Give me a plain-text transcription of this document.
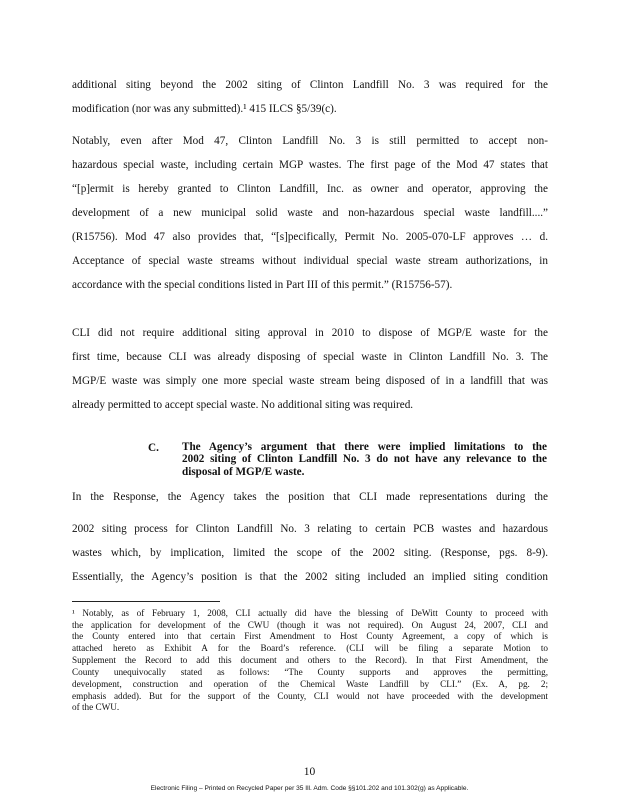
additional siting beyond the 2002 siting of Clinton Landfill No. 3 was required for the
modification (nor was any submitted).¹ 415 ILCS §5/39(c).
Notably, even after Mod 47, Clinton Landfill No. 3 is still permitted to accept non-
hazardous special waste, including certain MGP wastes. The first page of the Mod 47 states that
“[p]ermit is hereby granted to Clinton Landfill, Inc. as owner and operator, approving the
development of a new municipal solid waste and non-hazardous special waste landfill....”
(R15756). Mod 47 also provides that, “[s]pecifically, Permit No. 2005-070-LF approves … d.
Acceptance of special waste streams without individual special waste stream authorizations, in
accordance with the special conditions listed in Part III of this permit.” (R15756-57).
CLI did not require additional siting approval in 2010 to dispose of MGP/E waste for the
first time, because CLI was already disposing of special waste in Clinton Landfill No. 3. The
MGP/E waste was simply one more special waste stream being disposed of in a landfill that was
already permitted to accept special waste. No additional siting was required.
C. The Agency’s argument that there were implied limitations to the
2002 siting of Clinton Landfill No. 3 do not have any relevance to the
disposal of MGP/E waste.
In the Response, the Agency takes the position that CLI made representations during the
2002 siting process for Clinton Landfill No. 3 relating to certain PCB wastes and hazardous
wastes which, by implication, limited the scope of the 2002 siting. (Response, pgs. 8-9).
Essentially, the Agency’s position is that the 2002 siting included an implied siting condition
¹ Notably, as of February 1, 2008, CLI actually did have the blessing of DeWitt County to proceed with
the application for development of the CWU (though it was not required). On August 24, 2007, CLI and
the County entered into that certain First Amendment to Host County Agreement, a copy of which is
attached hereto as Exhibit A for the Board’s reference. (CLI will be filing a separate Motion to
Supplement the Record to add this document and others to the Record). In that First Amendment, the
County unequivocally stated as follows: “The County supports and approves the permitting,
development, construction and operation of the Chemical Waste Landfill by CLI.” (Ex. A, pg. 2;
emphasis added). But for the support of the County, CLI would not have proceeded with the development
of the CWU.
10
Electronic Filing – Printed on Recycled Paper per 35 Ill. Adm. Code §§101.202 and 101.302(g) as Applicable.
